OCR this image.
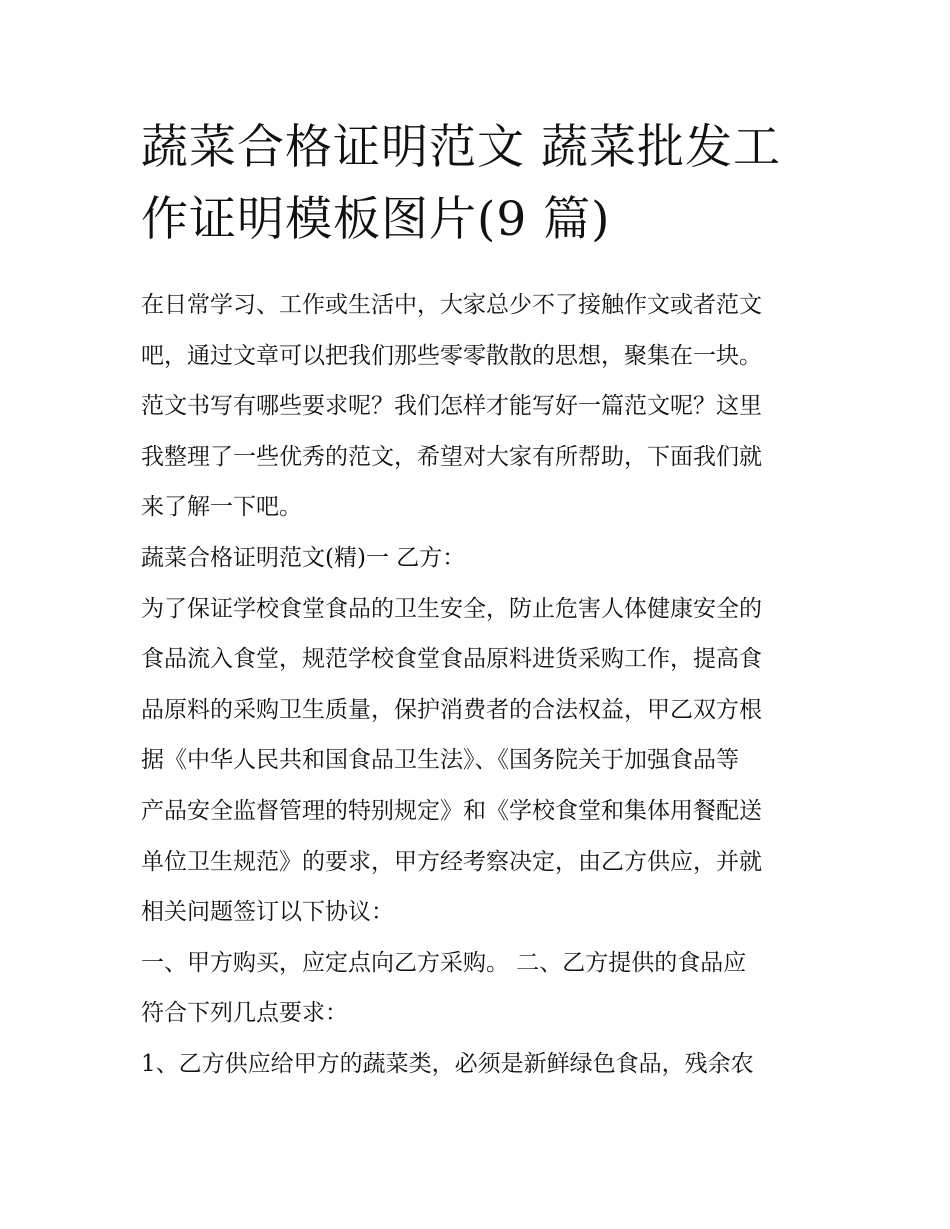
蔬菜合格证明范文 蔬菜批发工
作证明模板图片(9 篇)
在日常学习、工作或生活中，大家总少不了接触作文或者范文
吧，通过文章可以把我们那些零零散散的思想，聚集在一块。
范文书写有哪些要求呢？我们怎样才能写好一篇范文呢？这里
我整理了一些优秀的范文，希望对大家有所帮助，下面我们就
来了解一下吧。
蔬菜合格证明范文(精)一 乙方：
为了保证学校食堂食品的卫生安全，防止危害人体健康安全的
食品流入食堂，规范学校食堂食品原料进货采购工作，提高食
品原料的采购卫生质量，保护消费者的合法权益，甲乙双方根
据《中华人民共和国食品卫生法》、《国务院关于加强食品等
产品安全监督管理的特别规定》和《学校食堂和集体用餐配送
单位卫生规范》的要求，甲方经考察决定，由乙方供应，并就
相关问题签订以下协议：
一、甲方购买，应定点向乙方采购。 二、乙方提供的食品应
符合下列几点要求：
1、乙方供应给甲方的蔬菜类，必须是新鲜绿色食品，残余农
